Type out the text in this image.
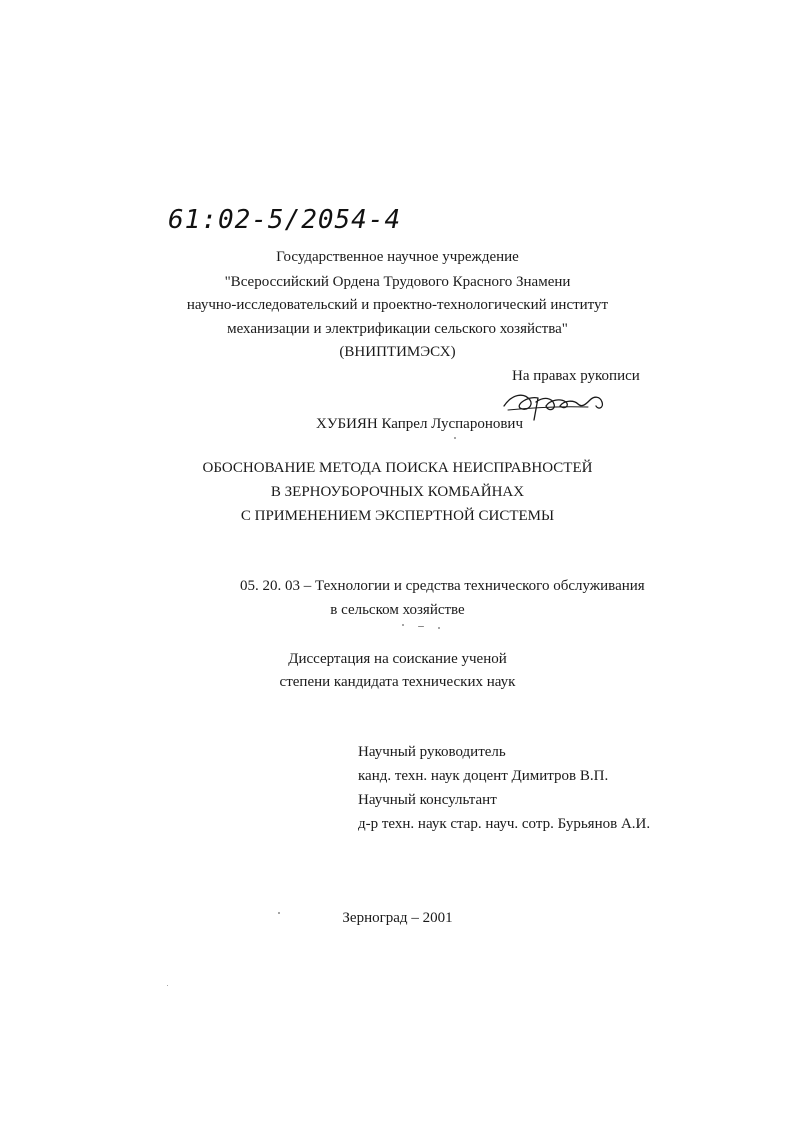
61:02-5/2054-4
Государственное научное учреждение
"Всероссийский Ордена Трудового Красного Знамени
научно-исследовательский и проектно-технологический институт
механизации и электрификации сельского хозяйства"
(ВНИПТИМЭСХ)
На правах рукописи
ХУБИЯН Капрел Луспаронович
ОБОСНОВАНИЕ МЕТОДА ПОИСКА НЕИСПРАВНОСТЕЙ
В ЗЕРНОУБОРОЧНЫХ КОМБАЙНАХ
С ПРИМЕНЕНИЕМ ЭКСПЕРТНОЙ СИСТЕМЫ
05. 20. 03 – Технологии и средства технического обслуживания
в сельском хозяйстве
Диссертация на соискание ученой
степени кандидата технических наук
Научный руководитель
канд. техн. наук доцент Димитров В.П.
Научный консультант
д-р техн. наук стар. науч. сотр. Бурьянов А.И.
Зерноград – 2001
